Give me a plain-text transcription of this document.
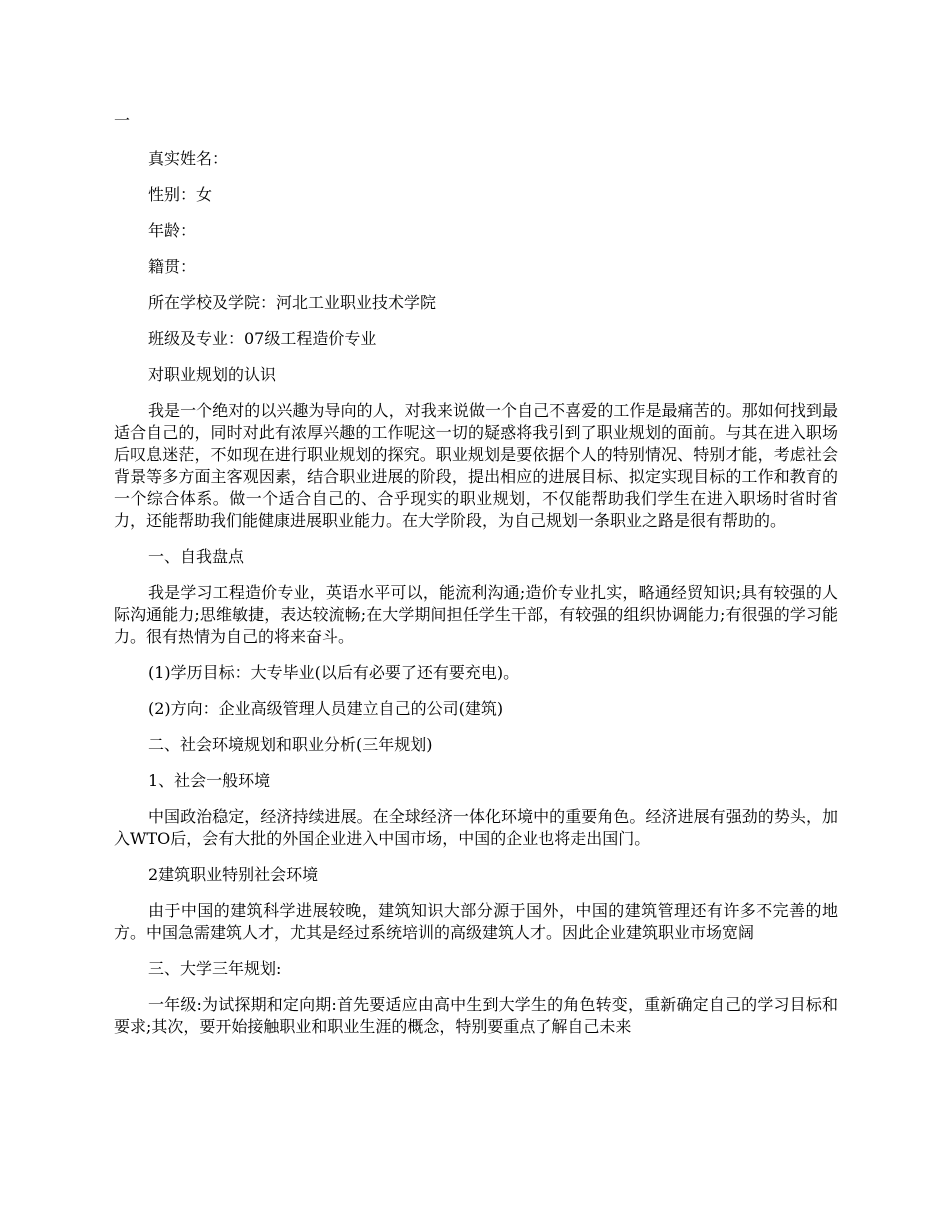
一
真实姓名：
性别：女
年龄：
籍贯：
所在学校及学院：河北工业职业技术学院
班级及专业：07级工程造价专业
对职业规划的认识
我是一个绝对的以兴趣为导向的人，对我来说做一个自己不喜爱的工作是最痛苦的。那如何找到最适合自己的，同时对此有浓厚兴趣的工作呢这一切的疑惑将我引到了职业规划的面前。与其在进入职场后叹息迷茫，不如现在进行职业规划的探究。职业规划是要依据个人的特别情况、特别才能，考虑社会背景等多方面主客观因素，结合职业进展的阶段，提出相应的进展目标、拟定实现目标的工作和教育的一个综合体系。做一个适合自己的、合乎现实的职业规划，不仅能帮助我们学生在进入职场时省时省力，还能帮助我们能健康进展职业能力。在大学阶段，为自己规划一条职业之路是很有帮助的。
一、自我盘点
我是学习工程造价专业，英语水平可以，能流利沟通;造价专业扎实，略通经贸知识;具有较强的人际沟通能力;思维敏捷，表达较流畅;在大学期间担任学生干部，有较强的组织协调能力;有很强的学习能力。很有热情为自己的将来奋斗。
(1)学历目标：大专毕业(以后有必要了还有要充电)。
(2)方向：企业高级管理人员建立自己的公司(建筑)
二、社会环境规划和职业分析(三年规划)
1、社会一般环境
中国政治稳定，经济持续进展。在全球经济一体化环境中的重要角色。经济进展有强劲的势头，加入WTO后，会有大批的外国企业进入中国市场，中国的企业也将走出国门。
2建筑职业特别社会环境
由于中国的建筑科学进展较晚，建筑知识大部分源于国外，中国的建筑管理还有许多不完善的地方。中国急需建筑人才，尤其是经过系统培训的高级建筑人才。因此企业建筑职业市场宽阔
三、大学三年规划:
一年级:为试探期和定向期:首先要适应由高中生到大学生的角色转变，重新确定自己的学习目标和要求;其次，要开始接触职业和职业生涯的概念，特别要重点了解自己未来
